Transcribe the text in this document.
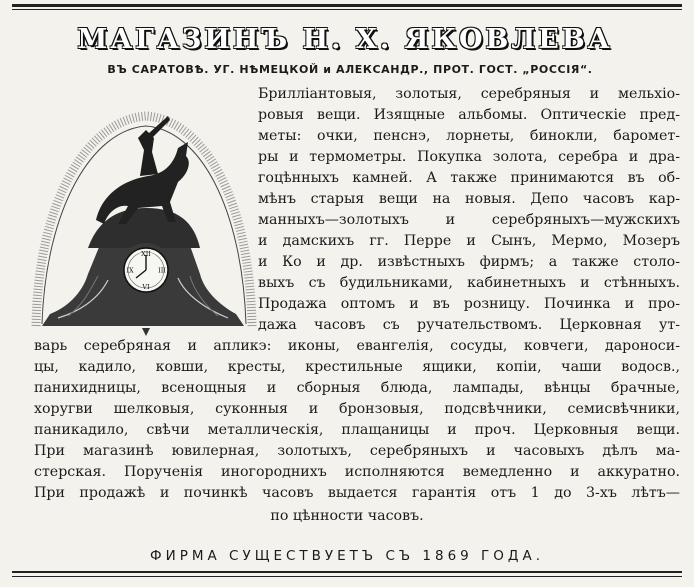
МАГАЗИНЪ Н. Х. ЯКОВЛЕВА
ВЪ САРАТОВѢ. УГ. НѢМЕЦКОЙ и АЛЕКСАНДР., ПРОТ. ГОСТ. „РОССІЯ“.
XII
III
VI
IX
Брилліантовыя, золотыя, серебряныя и мельхіо-
ровыя вещи. Изящные альбомы. Оптическіе пред-
меты: очки, пенснэ, лорнеты, бинокли, баромет-
ры и термометры. Покупка золота, серебра и дра-
гоцѣнныхъ камней. А также принимаются въ об-
мѣнъ старыя вещи на новыя. Депо часовъ кар-
манныхъ—золотыхъ и серебряныхъ—мужскихъ
и дамскихъ гг. Перре и Сынъ, Мермо, Мозеръ
и Ко и др. извѣстныхъ фирмъ; а также столо-
выхъ съ будильниками, кабинетныхъ и стѣнныхъ.
Продажа оптомъ и въ розницу. Починка и про-
дажа часовъ съ ручательствомъ. Церковная ут-
варь серебряная и апликэ: иконы, евангелія, сосуды, ковчеги, дароноси-
цы, кадило, ковши, кресты, крестильные ящики, копіи, чаши водосв.,
панихидницы, всенощныя и сборныя блюда, лампады, вѣнцы брачные,
хоругви шелковыя, суконныя и бронзовыя, подсвѣчники, семисвѣчники,
паникадило, свѣчи металлическія, плащаницы и проч. Церковныя вещи.
При магазинѣ ювилерная, золотыхъ, серебряныхъ и часовыхъ дѣлъ ма-
стерская. Порученія иногороднихъ исполняются вемедленно и аккуратно.
При продажѣ и починкѣ часовъ выдается гарантія отъ 1 до 3-хъ лѣтъ—
по цѣнности часовъ.
ФИРМА СУЩЕСТВУЕТЪ СЪ 1869 ГОДА.
